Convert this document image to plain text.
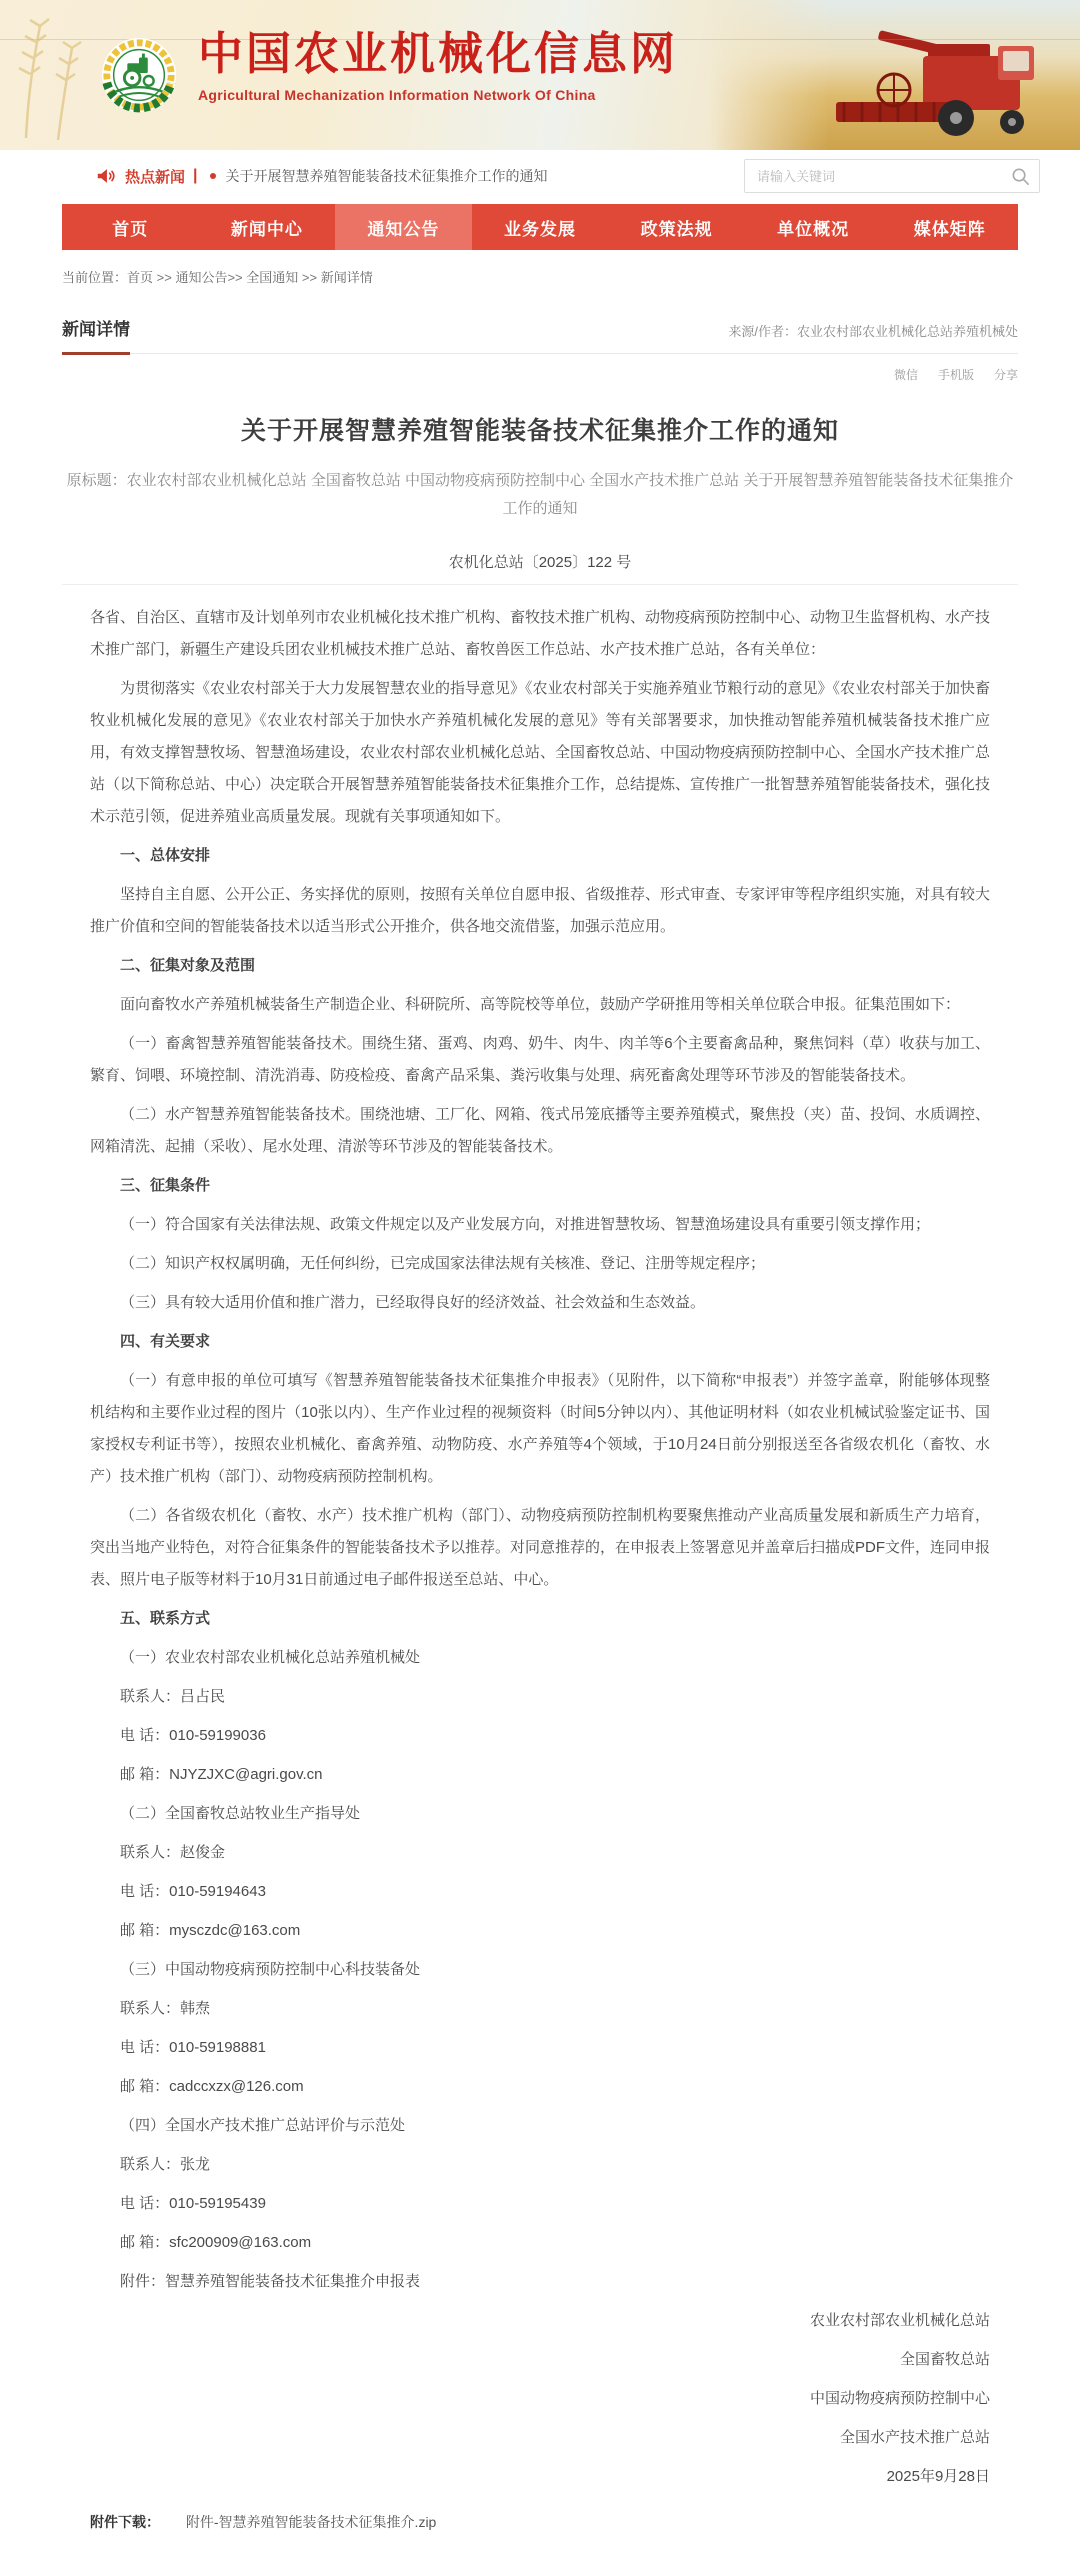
中国农业机械化信息网
Agricultural Mechanization Information Network Of China
热点新闻 | 关于开展智慧养殖智能装备技术征集推介工作的通知
请输入关键词
首页	新闻中心	通知公告	业务发展	政策法规	单位概况	媒体矩阵
当前位置：首页 >> 通知公告>> 全国通知 >> 新闻详情
新闻详情	来源/作者：农业农村部农业机械化总站养殖机械处
微信 手机版 分享
关于开展智慧养殖智能装备技术征集推介工作的通知
原标题：农业农村部农业机械化总站 全国畜牧总站 中国动物疫病预防控制中心 全国水产技术推广总站 关于开展智慧养殖智能装备技术征集推介工作的通知
农机化总站〔2025〕122 号
各省、自治区、直辖市及计划单列市农业机械化技术推广机构、畜牧技术推广机构、动物疫病预防控制中心、动物卫生监督机构、水产技术推广部门，新疆生产建设兵团农业机械技术推广总站、畜牧兽医工作总站、水产技术推广总站，各有关单位：
为贯彻落实《农业农村部关于大力发展智慧农业的指导意见》《农业农村部关于实施养殖业节粮行动的意见》《农业农村部关于加快畜牧业机械化发展的意见》《农业农村部关于加快水产养殖机械化发展的意见》等有关部署要求，加快推动智能养殖机械装备技术推广应用，有效支撑智慧牧场、智慧渔场建设，农业农村部农业机械化总站、全国畜牧总站、中国动物疫病预防控制中心、全国水产技术推广总站（以下简称总站、中心）决定联合开展智慧养殖智能装备技术征集推介工作，总结提炼、宣传推广一批智慧养殖智能装备技术，强化技术示范引领，促进养殖业高质量发展。现就有关事项通知如下。
一、总体安排
坚持自主自愿、公开公正、务实择优的原则，按照有关单位自愿申报、省级推荐、形式审查、专家评审等程序组织实施，对具有较大推广价值和空间的智能装备技术以适当形式公开推介，供各地交流借鉴，加强示范应用。
二、征集对象及范围
面向畜牧水产养殖机械装备生产制造企业、科研院所、高等院校等单位，鼓励产学研推用等相关单位联合申报。征集范围如下：
（一）畜禽智慧养殖智能装备技术。围绕生猪、蛋鸡、肉鸡、奶牛、肉牛、肉羊等6个主要畜禽品种，聚焦饲料（草）收获与加工、繁育、饲喂、环境控制、清洗消毒、防疫检疫、畜禽产品采集、粪污收集与处理、病死畜禽处理等环节涉及的智能装备技术。
（二）水产智慧养殖智能装备技术。围绕池塘、工厂化、网箱、筏式吊笼底播等主要养殖模式，聚焦投（夹）苗、投饲、水质调控、网箱清洗、起捕（采收）、尾水处理、清淤等环节涉及的智能装备技术。
三、征集条件
（一）符合国家有关法律法规、政策文件规定以及产业发展方向，对推进智慧牧场、智慧渔场建设具有重要引领支撑作用；
（二）知识产权权属明确，无任何纠纷，已完成国家法律法规有关核准、登记、注册等规定程序；
（三）具有较大适用价值和推广潜力，已经取得良好的经济效益、社会效益和生态效益。
四、有关要求
（一）有意申报的单位可填写《智慧养殖智能装备技术征集推介申报表》（见附件，以下简称“申报表”）并签字盖章，附能够体现整机结构和主要作业过程的图片（10张以内）、生产作业过程的视频资料（时间5分钟以内）、其他证明材料（如农业机械试验鉴定证书、国家授权专利证书等），按照农业机械化、畜禽养殖、动物防疫、水产养殖等4个领域，于10月24日前分别报送至各省级农机化（畜牧、水产）技术推广机构（部门）、动物疫病预防控制机构。
（二）各省级农机化（畜牧、水产）技术推广机构（部门）、动物疫病预防控制机构要聚焦推动产业高质量发展和新质生产力培育，突出当地产业特色，对符合征集条件的智能装备技术予以推荐。对同意推荐的，在申报表上签署意见并盖章后扫描成PDF文件，连同申报表、照片电子版等材料于10月31日前通过电子邮件报送至总站、中心。
五、联系方式
（一）农业农村部农业机械化总站养殖机械处
联系人：吕占民
电 话：010-59199036
邮 箱：NJYZJXC@agri.gov.cn
（二）全国畜牧总站牧业生产指导处
联系人：赵俊金
电 话：010-59194643
邮 箱：mysczdc@163.com
（三）中国动物疫病预防控制中心科技装备处
联系人：韩焘
电 话：010-59198881
邮 箱：cadccxzx@126.com
（四）全国水产技术推广总站评价与示范处
联系人：张龙
电 话：010-59195439
邮 箱：sfc200909@163.com
附件：智慧养殖智能装备技术征集推介申报表
农业农村部农业机械化总站
全国畜牧总站
中国动物疫病预防控制中心
全国水产技术推广总站
2025年9月28日
附件下载： 附件-智慧养殖智能装备技术征集推介.zip
